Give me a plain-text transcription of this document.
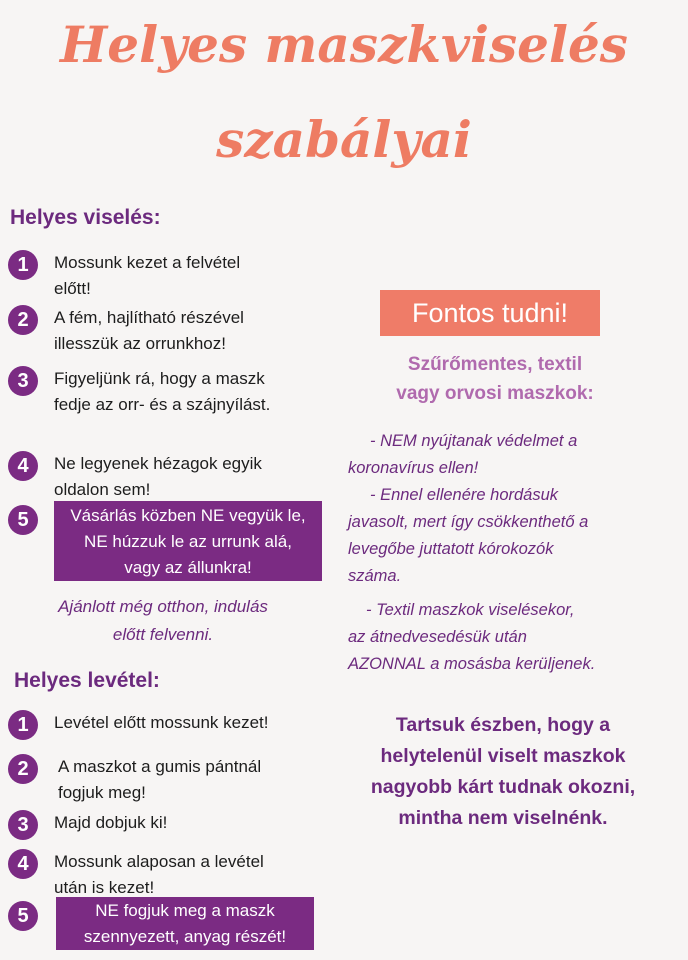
Helyes maszkviselés
szabályai
Helyes viselés:
1	Mossunk kezet a felvétel
előtt!
2	A fém, hajlítható részével
illesszük az orrunkhoz!
3	Figyeljünk rá, hogy a maszk
fedje az orr- és a szájnyílást.
4	Ne legyenek hézagok egyik
oldalon sem!
5	Vásárlás közben NE vegyük le,
NE húzzuk le az urrunk alá,
vagy az állunkra!
Ajánlott még otthon, indulás
előtt felvenni.
Helyes levétel:
1	Levétel előtt mossunk kezet!
2	A maszkot a gumis pántnál
fogjuk meg!
3	Majd dobjuk ki!
4	Mossunk alaposan a levétel
után is kezet!
5	NE fogjuk meg a maszk
szennyezett, anyag részét!
Fontos tudni!
Szűrőmentes, textil
vagy orvosi maszkok:
- NEM nyújtanak védelmet a
koronavírus ellen!
- Ennel ellenére hordásuk
javasolt, mert így csökkenthető a
levegőbe juttatott kórokozók
száma.
- Textil maszkok viselésekor,
az átnedvesedésük után
AZONNAL a mosásba kerüljenek.
Tartsuk észben, hogy a
helytelenül viselt maszkok
nagyobb kárt tudnak okozni,
mintha nem viselnénk.
